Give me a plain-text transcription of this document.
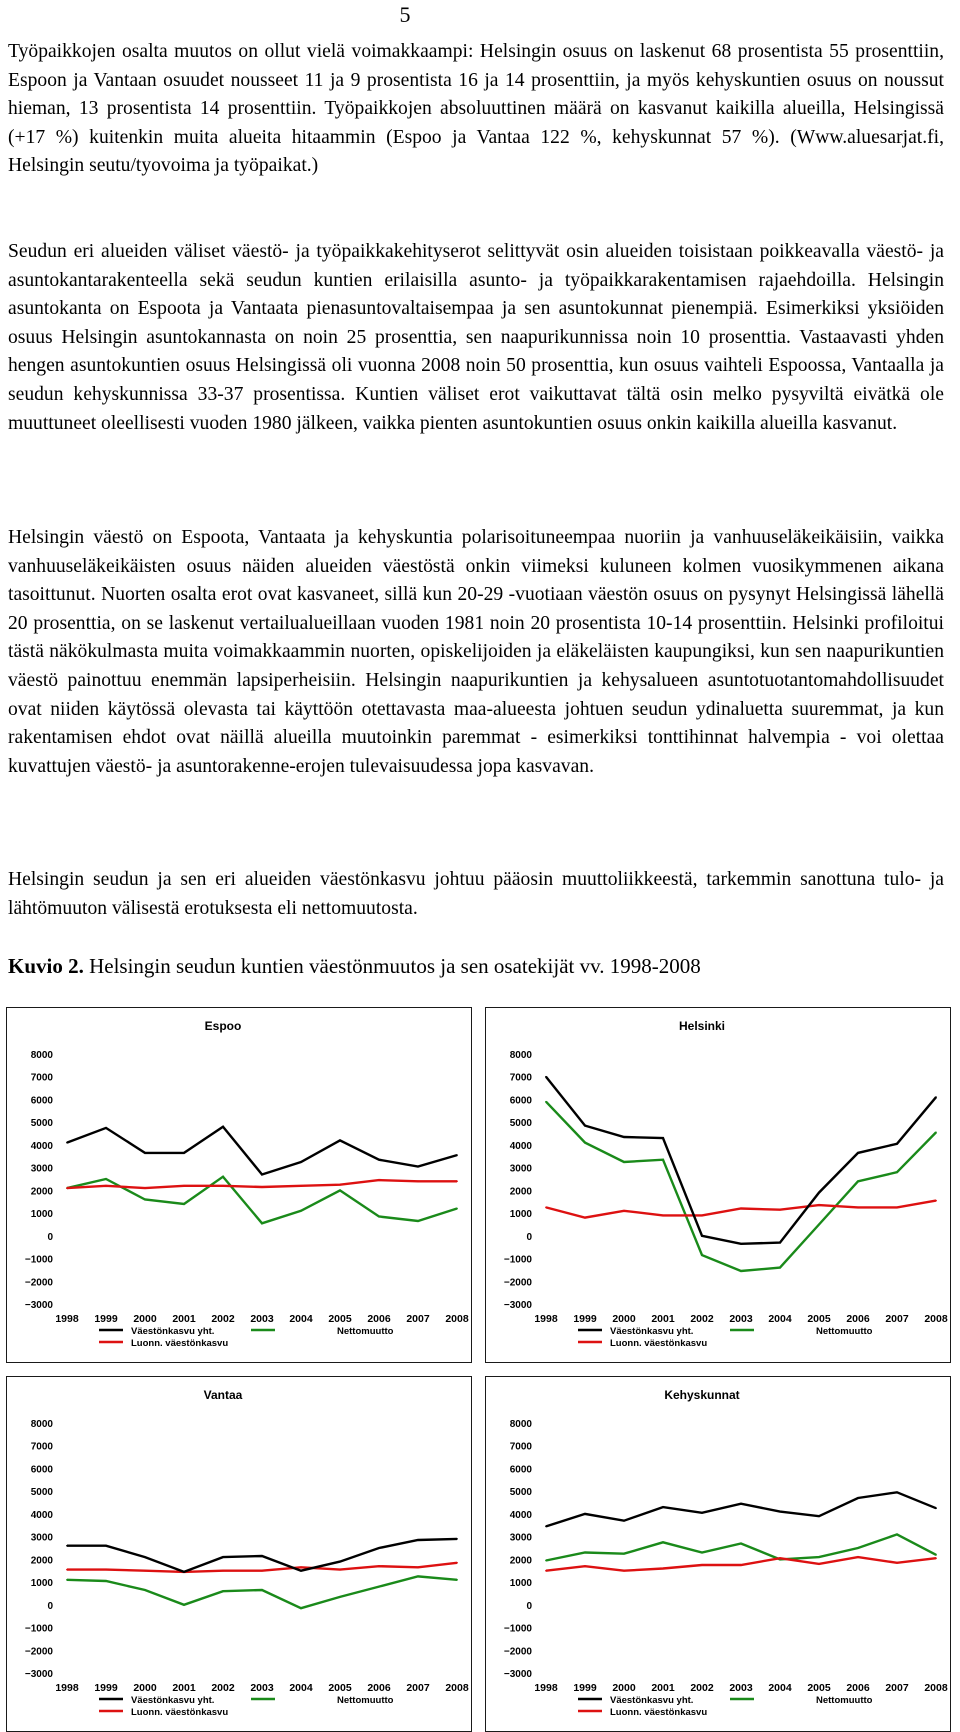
5

Työpaikkojen osalta muutos on ollut vielä voimakkaampi: Helsingin osuus on laskenut 68 prosentista 55 prosenttiin, Espoon ja Vantaan osuudet nousseet 11 ja 9 prosentista 16 ja 14 prosenttiin, ja myös kehyskuntien osuus on noussut hieman, 13 prosentista 14 prosenttiin. Työpaikkojen absoluuttinen määrä on kasvanut kaikilla alueilla, Helsingissä (+17 %) kuitenkin muita alueita hitaammin (Espoo ja Vantaa 122 %, kehyskunnat 57 %). (Www.aluesarjat.fi, Helsingin seutu/tyovoima ja työpaikat.)

Seudun eri alueiden väliset väestö- ja työpaikkakehityserot selittyvät osin alueiden toisistaan poikkeavalla väestö- ja asuntokantarakenteella sekä seudun kuntien erilaisilla asunto- ja työpaikkarakentamisen rajaehdoilla. Helsingin asuntokanta on Espoota ja Vantaata pienasuntovaltaisempaa ja sen asuntokunnat pienempiä. Esimerkiksi yksiöiden osuus Helsingin asuntokannasta on noin 25 prosenttia, sen naapurikunnissa noin 10 prosenttia. Vastaavasti yhden hengen asuntokuntien osuus Helsingissä oli vuonna 2008 noin 50 prosenttia, kun osuus vaihteli Espoossa, Vantaalla ja seudun kehyskunnissa 33-37 prosentissa. Kuntien väliset erot vaikuttavat tältä osin melko pysyviltä eivätkä ole muuttuneet oleellisesti vuoden 1980 jälkeen, vaikka pienten asuntokuntien osuus onkin kaikilla alueilla kasvanut.

Helsingin väestö on Espoota, Vantaata ja kehyskuntia polarisoituneempaa nuoriin ja vanhuuseläkeikäisiin, vaikka vanhuuseläkeikäisten osuus näiden alueiden väestöstä onkin viimeksi kuluneen kolmen vuosikymmenen aikana tasoittunut. Nuorten osalta erot ovat kasvaneet, sillä kun 20-29 -vuotiaan väestön osuus on pysynyt Helsingissä lähellä 20 prosenttia, on se laskenut vertailualueillaan vuoden 1981 noin 20 prosentista 10-14 prosenttiin. Helsinki profiloitui tästä näkökulmasta muita voimakkaammin nuorten, opiskelijoiden ja eläkeläisten kaupungiksi, kun sen naapurikuntien väestö painottuu enemmän lapsiperheisiin. Helsingin naapurikuntien ja kehysalueen asuntotuotantomahdollisuudet ovat niiden käytössä olevasta tai käyttöön otettavasta maa-alueesta johtuen seudun ydinaluetta suuremmat, ja kun rakentamisen ehdot ovat näillä alueilla muutoinkin paremmat - esimerkiksi tonttihinnat halvempia - voi olettaa kuvattujen väestö- ja asuntorakenne-erojen tulevaisuudessa jopa kasvavan.

Helsingin seudun ja sen eri alueiden väestönkasvu johtuu pääosin muuttoliikkeestä, tarkemmin sanottuna tulo- ja lähtömuuton välisestä erotuksesta eli nettomuutosta.

Kuvio 2. Helsingin seudun kuntien väestönmuutos ja sen osatekijät vv. 1998-2008
Espoo
8000
7000
6000
5000
4000
3000
2000
1000
0
−1000
−2000
−3000
1998 1999 2000 2001 2002 2003 2004 2005 2006 2007 2008
Väestönkasvu yht.	Nettomuutto
Luonn. väestönkasvu
Helsinki
8000
7000
6000
5000
4000
3000
2000
1000
0
−1000
−2000
−3000
1998 1999 2000 2001 2002 2003 2004 2005 2006 2007 2008
Väestönkasvu yht.	Nettomuutto
Luonn. väestönkasvu
Vantaa
8000
7000
6000
5000
4000
3000
2000
1000
0
−1000
−2000
−3000
1998 1999 2000 2001 2002 2003 2004 2005 2006 2007 2008
Väestönkasvu yht.	Nettomuutto
Luonn. väestönkasvu
Kehyskunnat
8000
7000
6000
5000
4000
3000
2000
1000
0
−1000
−2000
−3000
1998 1999 2000 2001 2002 2003 2004 2005 2006 2007 2008
Väestönkasvu yht.	Nettomuutto
Luonn. väestönkasvu
